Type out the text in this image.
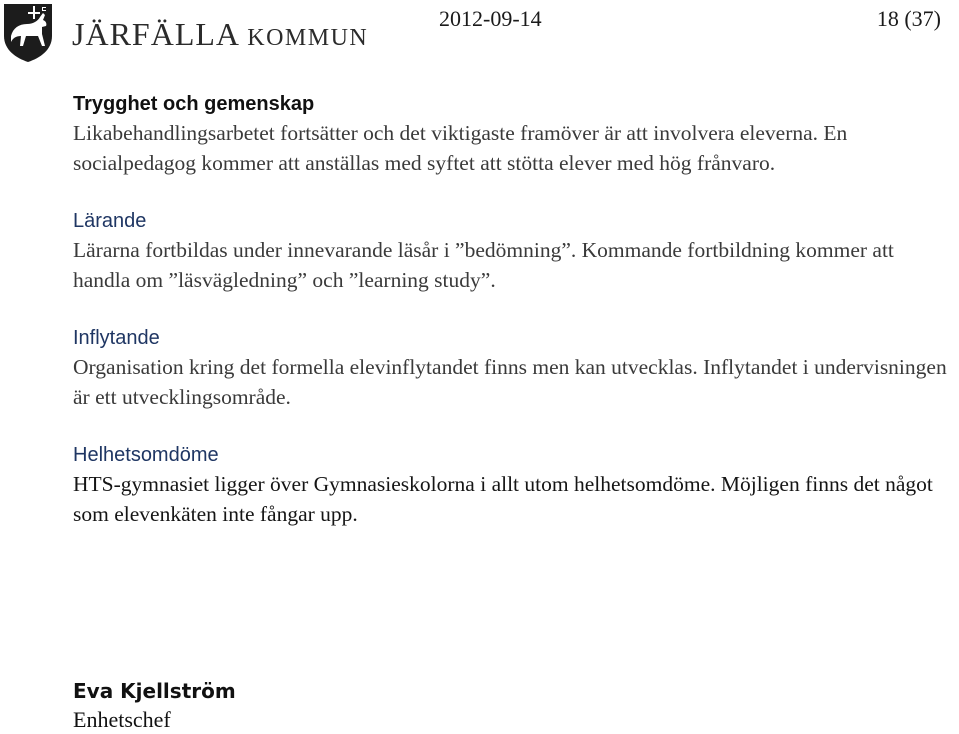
JÄRFÄLLA KOMMUN
2012-09-14	18 (37)
Trygghet och gemenskap

Likabehandlingsarbetet fortsätter och det viktigaste framöver är att involvera eleverna. En socialpedagog kommer att anställas med syftet att stötta elever med hög frånvaro.

Lärande

Lärarna fortbildas under innevarande läsår i ”bedömning”. Kommande fortbildning kommer att handla om ”läsvägledning” och ”learning study”.

Inflytande

Organisation kring det formella elevinflytandet finns men kan utvecklas. Inflytandet i undervisningen är ett utvecklingsområde.

Helhetsomdöme

HTS-gymnasiet ligger över Gymnasieskolorna i allt utom helhetsomdöme. Möjligen finns det något som elevenkäten inte fångar upp.

Eva Kjellström
Enhetschef
